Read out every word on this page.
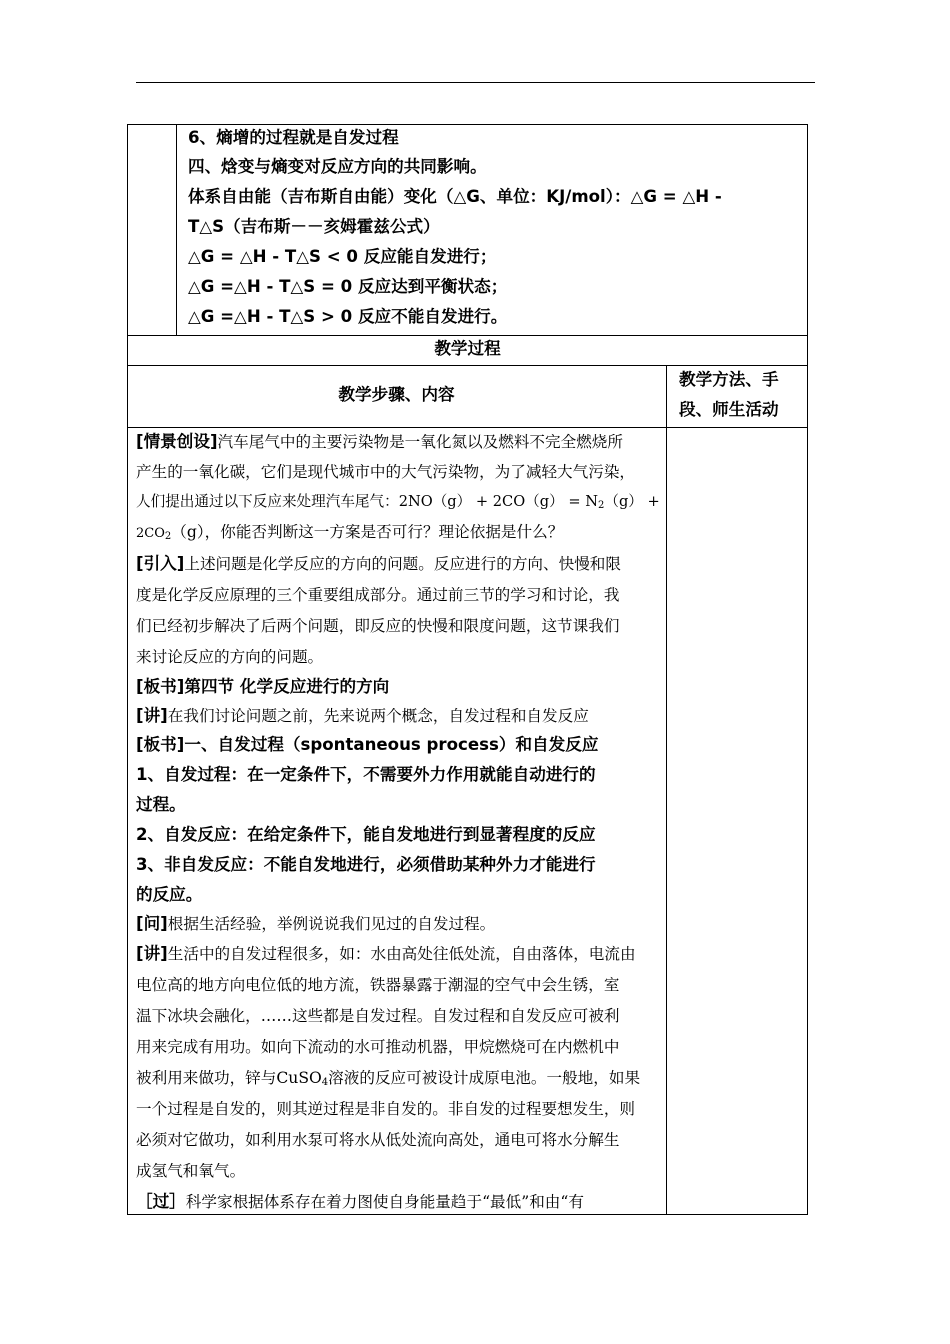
6、熵增的过程就是自发过程
四、焓变与熵变对反应方向的共同影响。
体系自由能（吉布斯自由能）变化（△G、单位：KJ/mol）：△G = △H -
T△S（吉布斯－－亥姆霍兹公式）
△G = △H - T△S < 0 反应能自发进行；
△G =△H - T△S = 0 反应达到平衡状态；
△G =△H - T△S > 0 反应不能自发进行。
教学过程
教学步骤、内容
教学方法、手
段、师生活动
[情景创设]汽车尾气中的主要污染物是一氧化氮以及燃料不完全燃烧所
产生的一氧化碳，它们是现代城市中的大气污染物，为了减轻大气污染，
人们提出通过以下反应来处理汽车尾气：$2NO(g) + 2CO(g) = N_2(g)$ +
$2CO_2(g)$，你能否判断这一方案是否可行？理论依据是什么？
[引入]上述问题是化学反应的方向的问题。反应进行的方向、快慢和限
度是化学反应原理的三个重要组成部分。通过前三节的学习和讨论，我
们已经初步解决了后两个问题，即反应的快慢和限度问题，这节课我们
来讨论反应的方向的问题。
[板书]第四节 化学反应进行的方向
[讲]在我们讨论问题之前，先来说两个概念，自发过程和自发反应
[板书]一、自发过程（spontaneous process）和自发反应
1、自发过程：在一定条件下，不需要外力作用就能自动进行的
过程。
2、自发反应：在给定条件下，能自发地进行到显著程度的反应
3、非自发反应：不能自发地进行，必须借助某种外力才能进行
的反应。
[问]根据生活经验，举例说说我们见过的自发过程。
[讲]生活中的自发过程很多，如：水由高处往低处流，自由落体，电流由
电位高的地方向电位低的地方流，铁器暴露于潮湿的空气中会生锈，室
温下冰块会融化，……这些都是自发过程。自发过程和自发反应可被利
用来完成有用功。如向下流动的水可推动机器，甲烷燃烧可在内燃机中
被利用来做功，锌与CuSO$_4$溶液的反应可被设计成原电池。一般地，如果
一个过程是自发的，则其逆过程是非自发的。非自发的过程要想发生，则
必须对它做功，如利用水泵可将水从低处流向高处，通电可将水分解生
成氢气和氧气。
［过］科学家根据体系存在着力图使自身能量趋于“最低”和由“有
